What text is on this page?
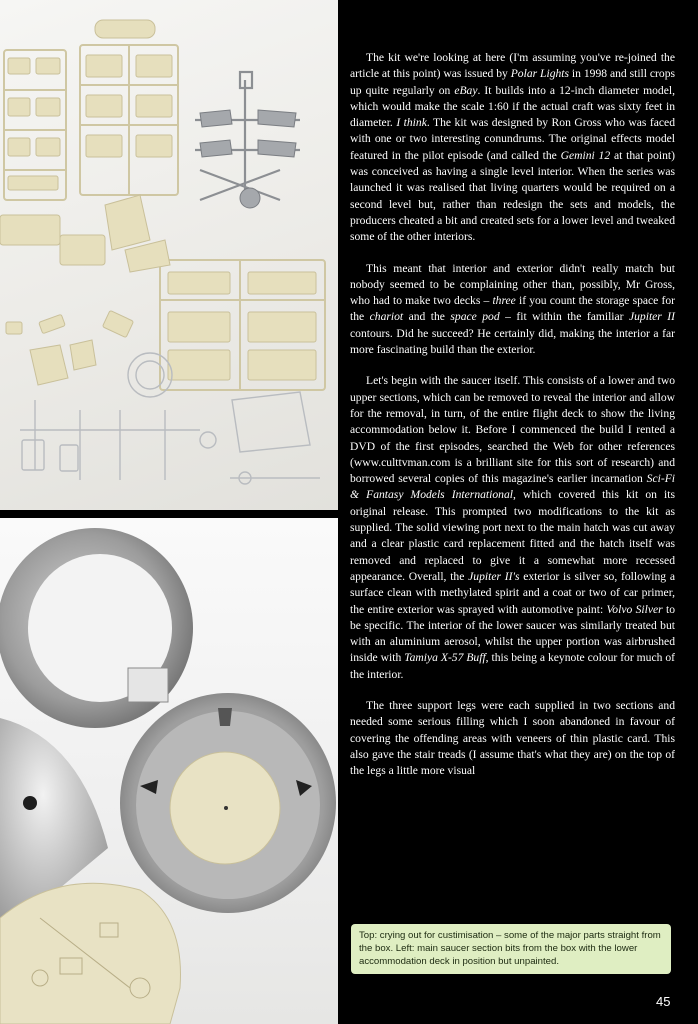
The kit we're looking at here (I'm assuming you've re-joined the article at this point) was issued by Polar Lights in 1998 and still crops up quite regularly on eBay. It builds into a 12-inch diameter model, which would make the scale 1:60 if the actual craft was sixty feet in diameter. I think. The kit was designed by Ron Gross who was faced with one or two interesting conundrums. The original effects model featured in the pilot episode (and called the Gemini 12 at that point) was conceived as having a single level interior. When the series was launched it was realised that living quarters would be required on a second level but, rather than redesign the sets and models, the producers cheated a bit and created sets for a lower level and tweaked some of the other interiors.

This meant that interior and exterior didn't really match but nobody seemed to be complaining other than, possibly, Mr Gross, who had to make two decks – three if you count the storage space for the chariot and the space pod – fit within the familiar Jupiter II contours. Did he succeed? He certainly did, making the interior a far more fascinating build than the exterior.

Let's begin with the saucer itself. This consists of a lower and two upper sections, which can be removed to reveal the interior and allow for the removal, in turn, of the entire flight deck to show the living accommodation below it. Before I commenced the build I rented a DVD of the first episodes, searched the Web for other references (www.culttvman.com is a brilliant site for this sort of research) and borrowed several copies of this magazine's earlier incarnation Sci-Fi & Fantasy Models International, which covered this kit on its original release. This prompted two modifications to the kit as supplied. The solid viewing port next to the main hatch was cut away and a clear plastic card replacement fitted and the hatch itself was removed and replaced to give it a somewhat more recessed appearance. Overall, the Jupiter II's exterior is silver so, following a surface clean with methylated spirit and a coat or two of car primer, the entire exterior was sprayed with automotive paint: Volvo Silver to be specific. The interior of the lower saucer was similarly treated but with an aluminium aerosol, whilst the upper portion was airbrushed inside with Tamiya X-57 Buff, this being a keynote colour for much of the interior.

The three support legs were each supplied in two sections and needed some serious filling which I soon abandoned in favour of covering the offending areas with veneers of thin plastic card. This also gave the stair treads (I assume that's what they are) on the top of the legs a little more visual

Top: crying out for custimisation – some of the major parts straight from the box. Left: main saucer section bits from the box with the lower accommodation deck in position but unpainted.
45
